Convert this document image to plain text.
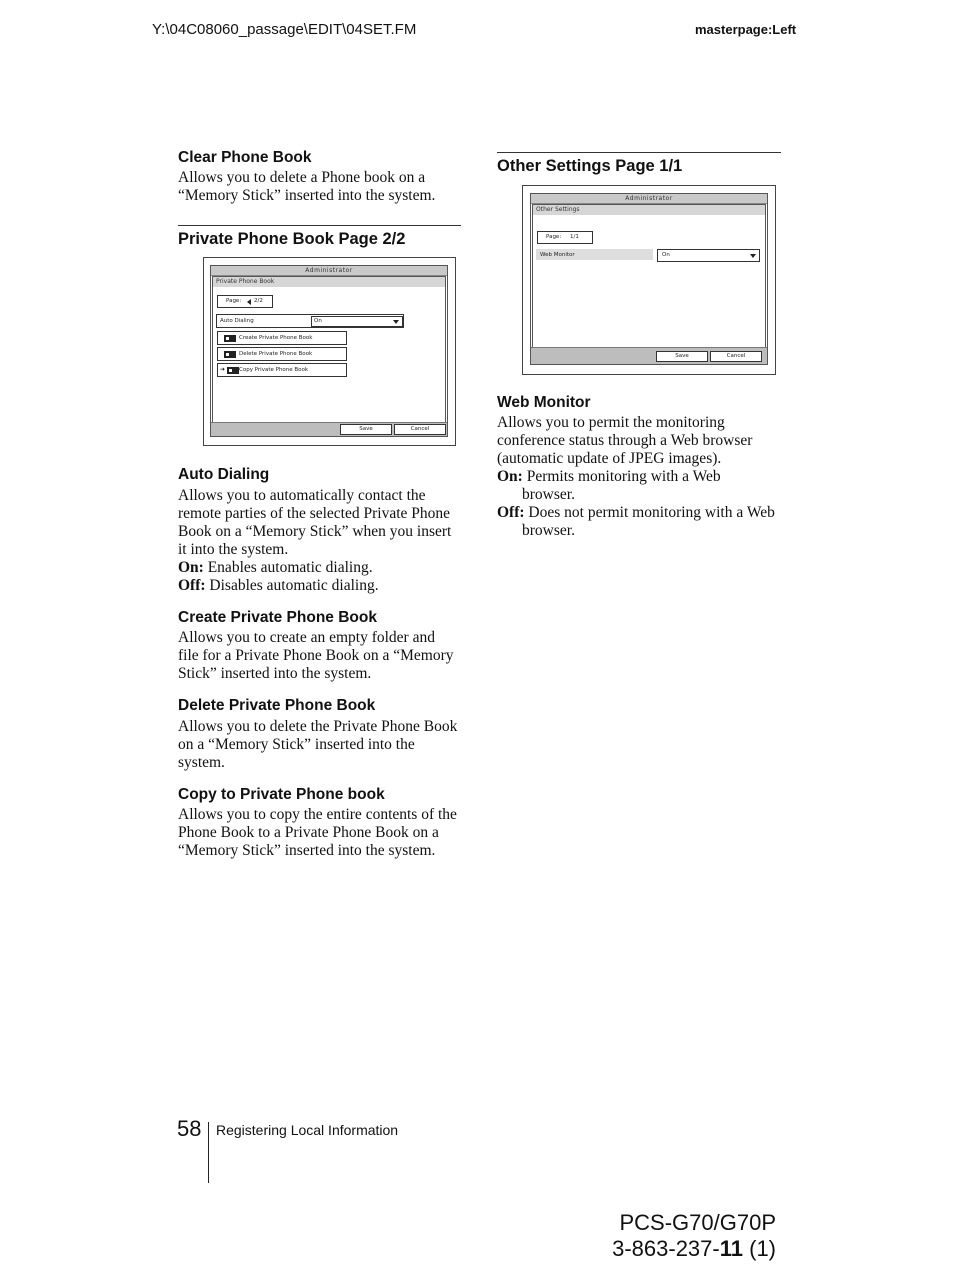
Y:\04C08060_passage\EDIT\04SET.FM	masterpage:Left
Clear Phone Book

Allows you to delete a Phone book on a

“Memory Stick” inserted into the system.

Private Phone Book Page 2/2
Administrator
Private Phone Book
Page: 2/2
Auto Dialing	On
Create Private Phone Book
Delete Private Phone Book
➜	Copy Private Phone Book
Save	Cancel
Auto Dialing

Allows you to automatically contact the

remote parties of the selected Private Phone

Book on a “Memory Stick” when you insert

it into the system.

On: Enables automatic dialing.

Off: Disables automatic dialing.

Create Private Phone Book

Allows you to create an empty folder and

file for a Private Phone Book on a “Memory

Stick” inserted into the system.

Delete Private Phone Book

Allows you to delete the Private Phone Book

on a “Memory Stick” inserted into the

system.

Copy to Private Phone book

Allows you to copy the entire contents of the

Phone Book to a Private Phone Book on a

“Memory Stick” inserted into the system.

Other Settings Page 1/1
Administrator
Other Settings
Page: 1/1
Web Monitor	On
Save	Cancel
Web Monitor

Allows you to permit the monitoring

conference status through a Web browser

(automatic update of JPEG images).

On: Permits monitoring with a Web

browser.

Off: Does not permit monitoring with a Web

browser.

58 Registering Local Information
PCS-G70/G70P
3-863-237-11 (1)
